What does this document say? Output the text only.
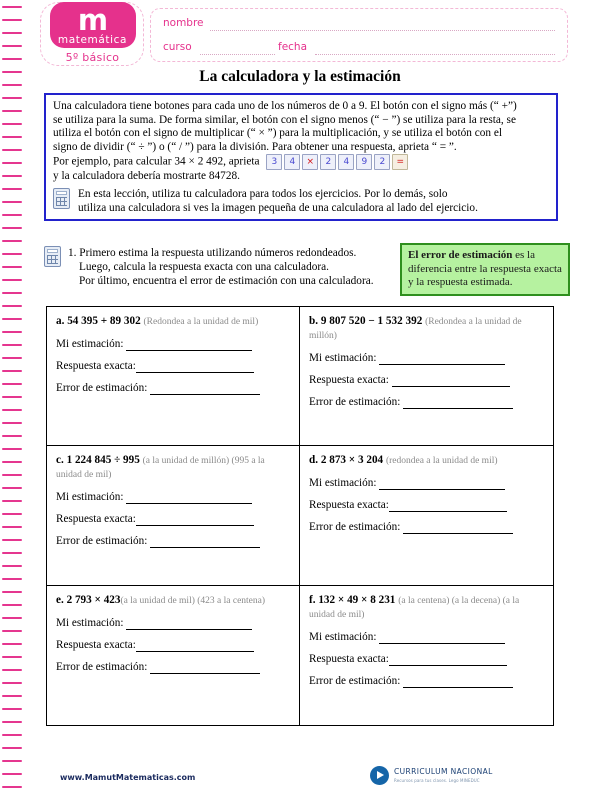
m
matemática
5º básico
nombre
curso	fecha
La calculadora y la estimación

Una calculadora tiene botones para cada uno de los números de 0 a 9. El botón con el signo más (“ +”)

se utiliza para la suma. De forma similar, el botón con el signo menos (“ − ”) se utiliza para la resta, se

utiliza el botón con el signo de multiplicar (“ × ”) para la multiplicación, y se utiliza el botón con el

signo de dividir (“ ÷ ”) o (“ / ”) para la división. Para obtener una respuesta, aprieta “ = ”.

Por ejemplo, para calcular 34 × 2 492, aprieta 3 4 × 2 4 9 2 =

y la calculadora debería mostrarte 84728.

En esta lección, utiliza tu calculadora para todos los ejercicios. Por lo demás, solo
utiliza una calculadora si ves la imagen pequeña de una calculadora al lado del ejercicio.
1. Primero estima la respuesta utilizando números redondeados.
Luego, calcula la respuesta exacta con una calculadora.
Por último, encuentra el error de estimación con una calculadora.
El error de estimación es la diferencia entre la respuesta exacta y la respuesta estimada.
a. 54 395 + 89 302 (Redondea a la unidad de mil)
Mi estimación:
Respuesta exacta:
Error de estimación:
b. 9 807 520 − 1 532 392 (Redondea a la unidad de millón)
Mi estimación:
Respuesta exacta:
Error de estimación:
c. 1 224 845 ÷ 995 (a la unidad de millón) (995 a la unidad de mil)
Mi estimación:
Respuesta exacta:
Error de estimación:
d. 2 873 × 3 204 (redondea a la unidad de mil)
Mi estimación:
Respuesta exacta:
Error de estimación:
e. 2 793 × 423(a la unidad de mil) (423 a la centena)
Mi estimación:
Respuesta exacta:
Error de estimación:
f. 132 × 49 × 8 231 (a la centena) (a la decena) (a la unidad de mil)
Mi estimación:
Respuesta exacta:
Error de estimación:
www.MamutMatematicas.com
CURRICULUM NACIONAL
Recursos para tus clases. Lego MINEDUC
